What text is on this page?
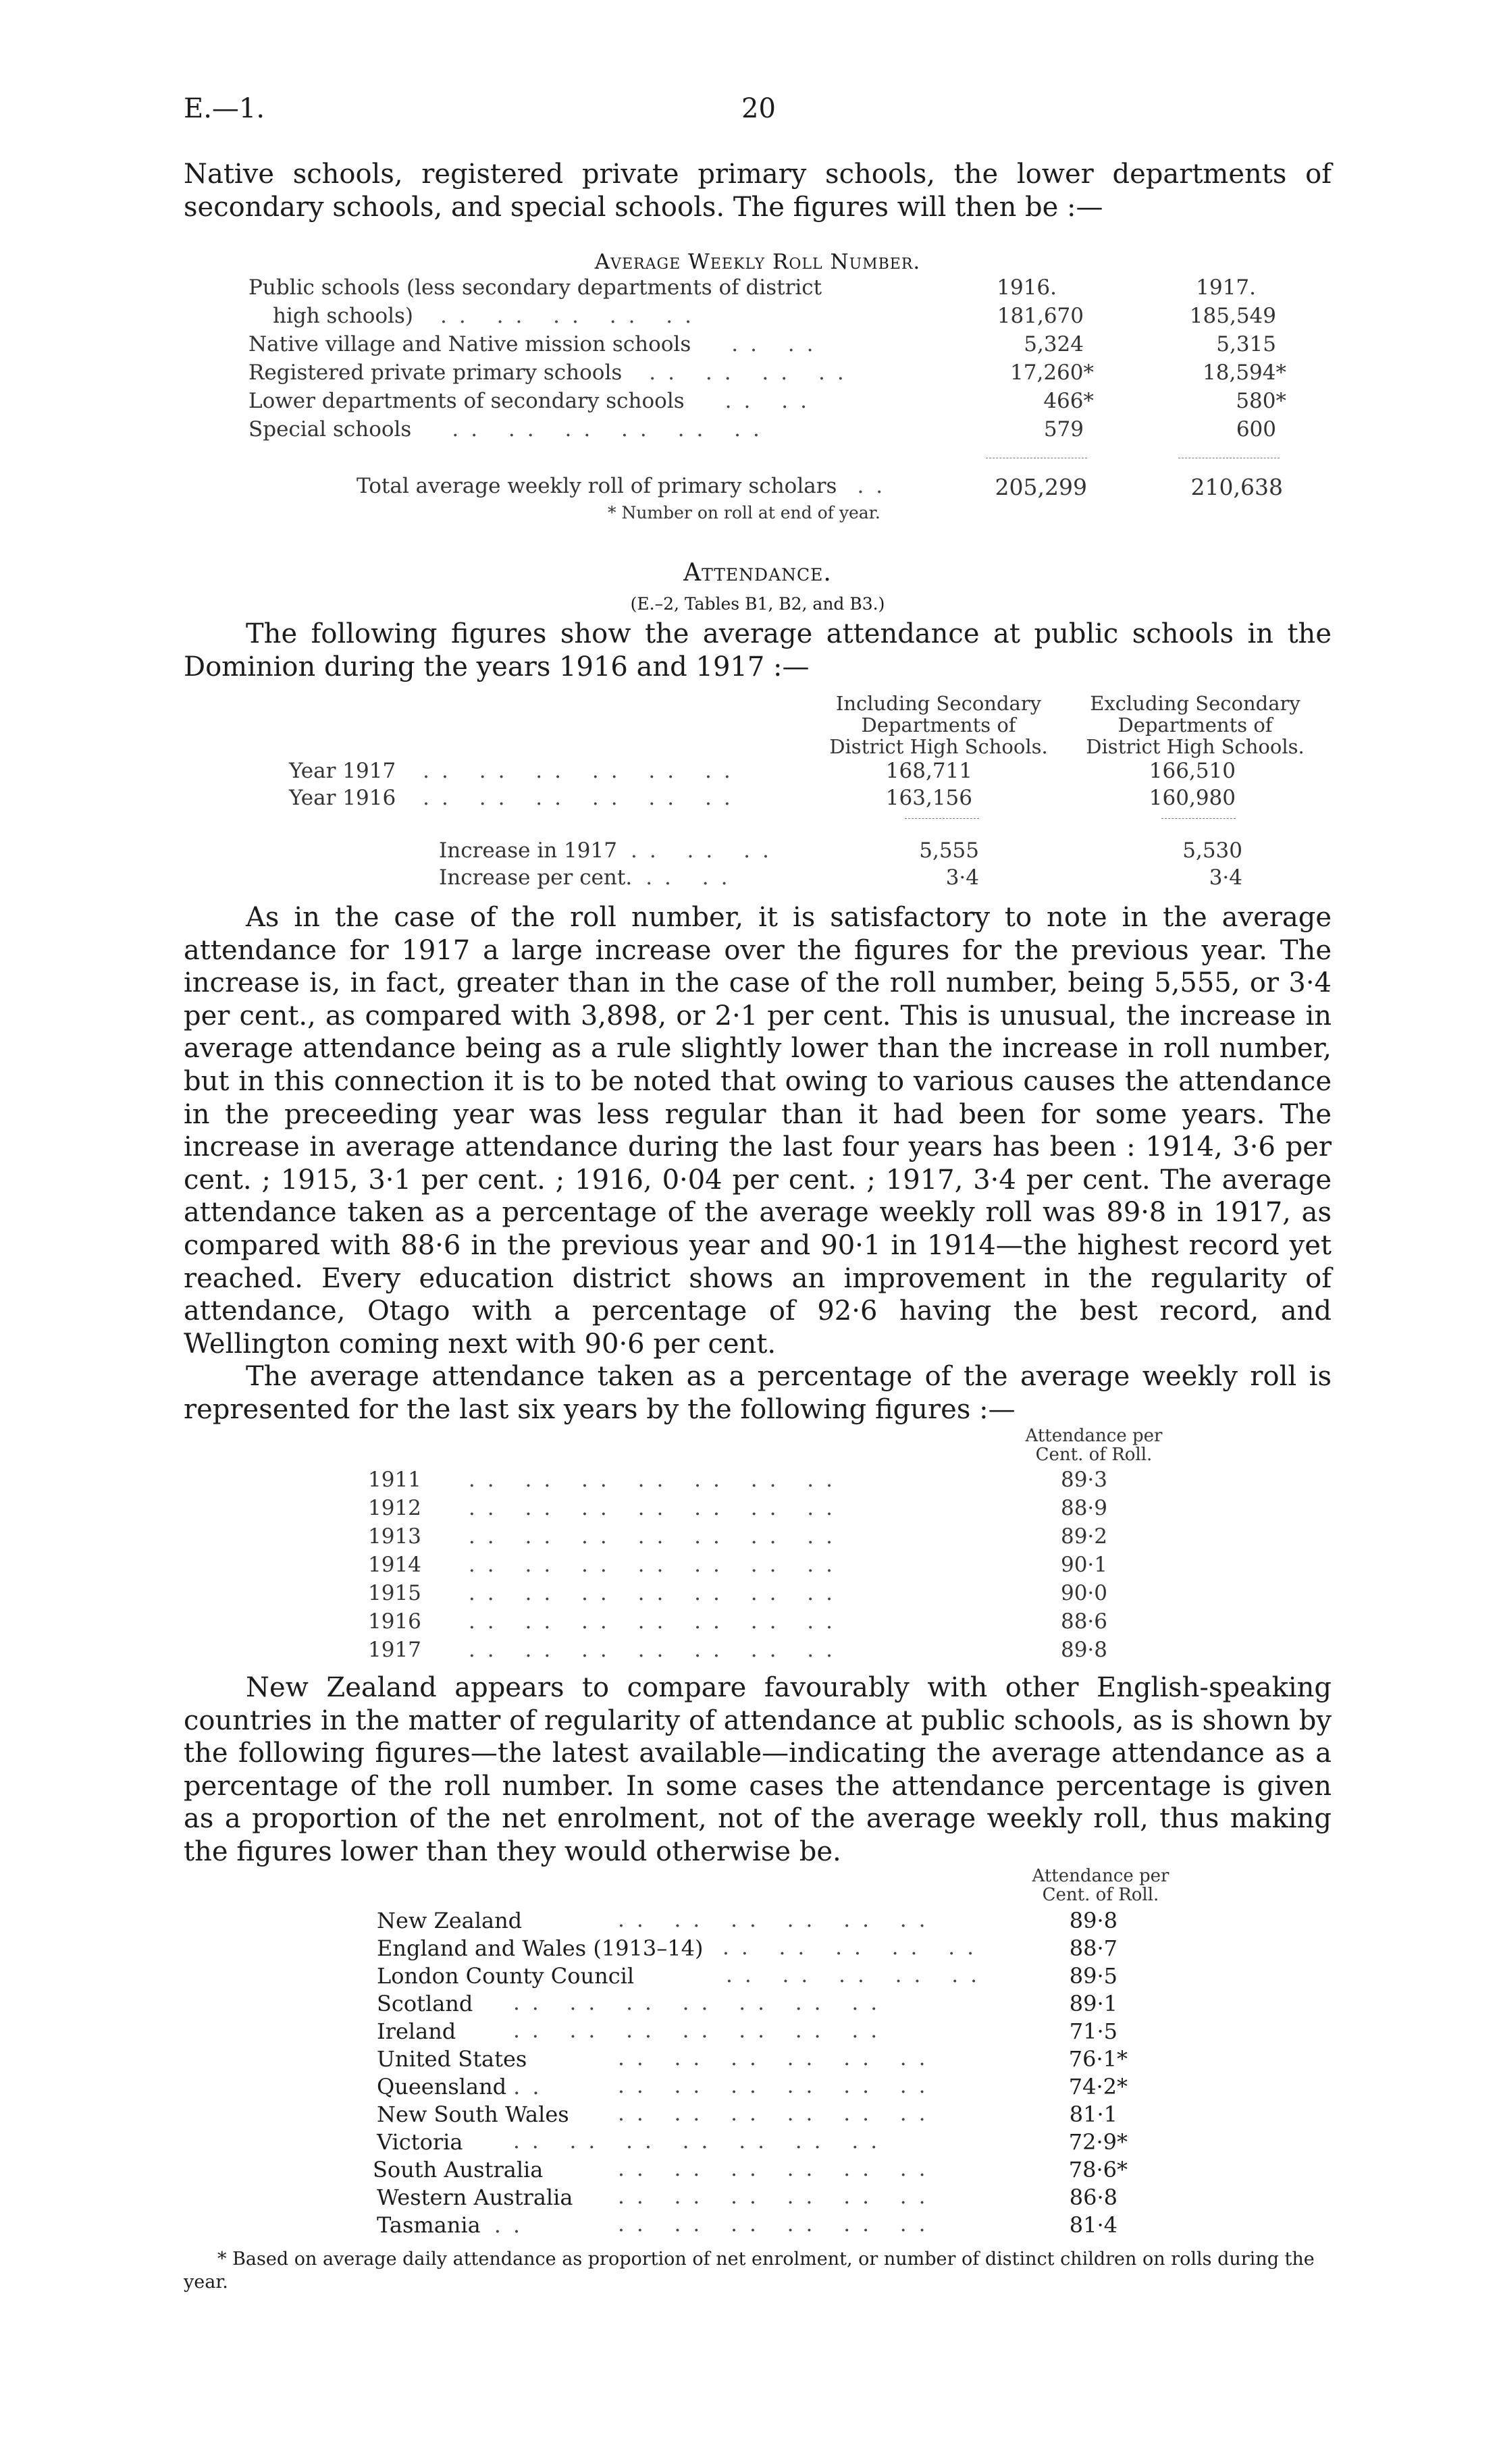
E.—1.	20

Native schools, registered private primary schools, the lower departments of secondary schools, and special schools. The figures will then be :—

Average Weekly Roll Number.
Public schools (less secondary departments of district	1916.	1917.
high schools) .. .. .. .. ..	181,670	185,549
Native village and Native mission schools .. ..	5,324	5,315
Registered private primary schools .. .. .. ..	17,260*	18,594*
Lower departments of secondary schools .. ..	466*	580*
Special schools .. .. .. .. .. ..	579	600
Total average weekly roll of primary scholars ..	205,299	210,638
* Number on roll at end of year.
Attendance.
(E.–2, Tables B1, B2, and B3.)

The following figures show the average attendance at public schools in the Dominion during the years 1916 and 1917 :—

Including Secondary
Departments of
District High Schools.
Excluding Secondary
Departments of
District High Schools.
Year 1917 .. .. .. .. .. ..	168,711	166,510
Year 1916 .. .. .. .. .. ..	163,156	160,980
Increase in 1917 .. .. ..	5,555	5,530
Increase per cent. .. ..	3·4	3·4

As in the case of the roll number, it is satisfactory to note in the average attendance for 1917 a large increase over the figures for the previous year. The increase is, in fact, greater than in the case of the roll number, being 5,555, or 3·4 per cent., as compared with 3,898, or 2·1 per cent. This is unusual, the increase in average attendance being as a rule slightly lower than the increase in roll number, but in this connection it is to be noted that owing to various causes the attendance in the preceeding year was less regular than it had been for some years. The increase in average attendance during the last four years has been : 1914, 3·6 per cent. ; 1915, 3·1 per cent. ; 1916, 0·04 per cent. ; 1917, 3·4 per cent. The average attendance taken as a percentage of the average weekly roll was 89·8 in 1917, as compared with 88·6 in the previous year and 90·1 in 1914—the highest record yet reached. Every education district shows an improvement in the regularity of attendance, Otago with a percentage of 92·6 having the best record, and Wellington coming next with 90·6 per cent.

The average attendance taken as a percentage of the average weekly roll is represented for the last six years by the following figures :—

Attendance per
Cent. of Roll.
1911 .. .. .. .. .. .. ..	89·3
1912 .. .. .. .. .. .. ..	88·9
1913 .. .. .. .. .. .. ..	89·2
1914 .. .. .. .. .. .. ..	90·1
1915 .. .. .. .. .. .. ..	90·0
1916 .. .. .. .. .. .. ..	88·6
1917 .. .. .. .. .. .. ..	89·8

New Zealand appears to compare favourably with other English-speaking countries in the matter of regularity of attendance at public schools, as is shown by the following figures—the latest available—indicating the average attendance as a percentage of the roll number. In some cases the attendance percentage is given as a proportion of the net enrolment, not of the average weekly roll, thus making the figures lower than they would otherwise be.

Attendance per
Cent. of Roll.
New Zealand	.. .. .. .. .. ..	89·8
England and Wales (1913–14) .. .. .. .. ..	88·7
London County Council	.. .. .. .. ..	89·5
Scotland .. .. .. .. .. .. ..	89·1
Ireland	.. .. .. .. .. .. ..	71·5
United States	.. .. .. .. .. ..	76·1*
Queensland ..	.. .. .. .. .. ..	74·2*
New South Wales .. .. .. .. .. ..	81·1
Victoria .. .. .. .. .. .. ..	72·9*
South Australia	.. .. .. .. .. ..	78·6*
Western Australia .. .. .. .. .. ..	86·8
Tasmania ..	.. .. .. .. .. ..	81·4
* Based on average daily attendance as proportion of net enrolment, or number of distinct children on rolls during the year.
